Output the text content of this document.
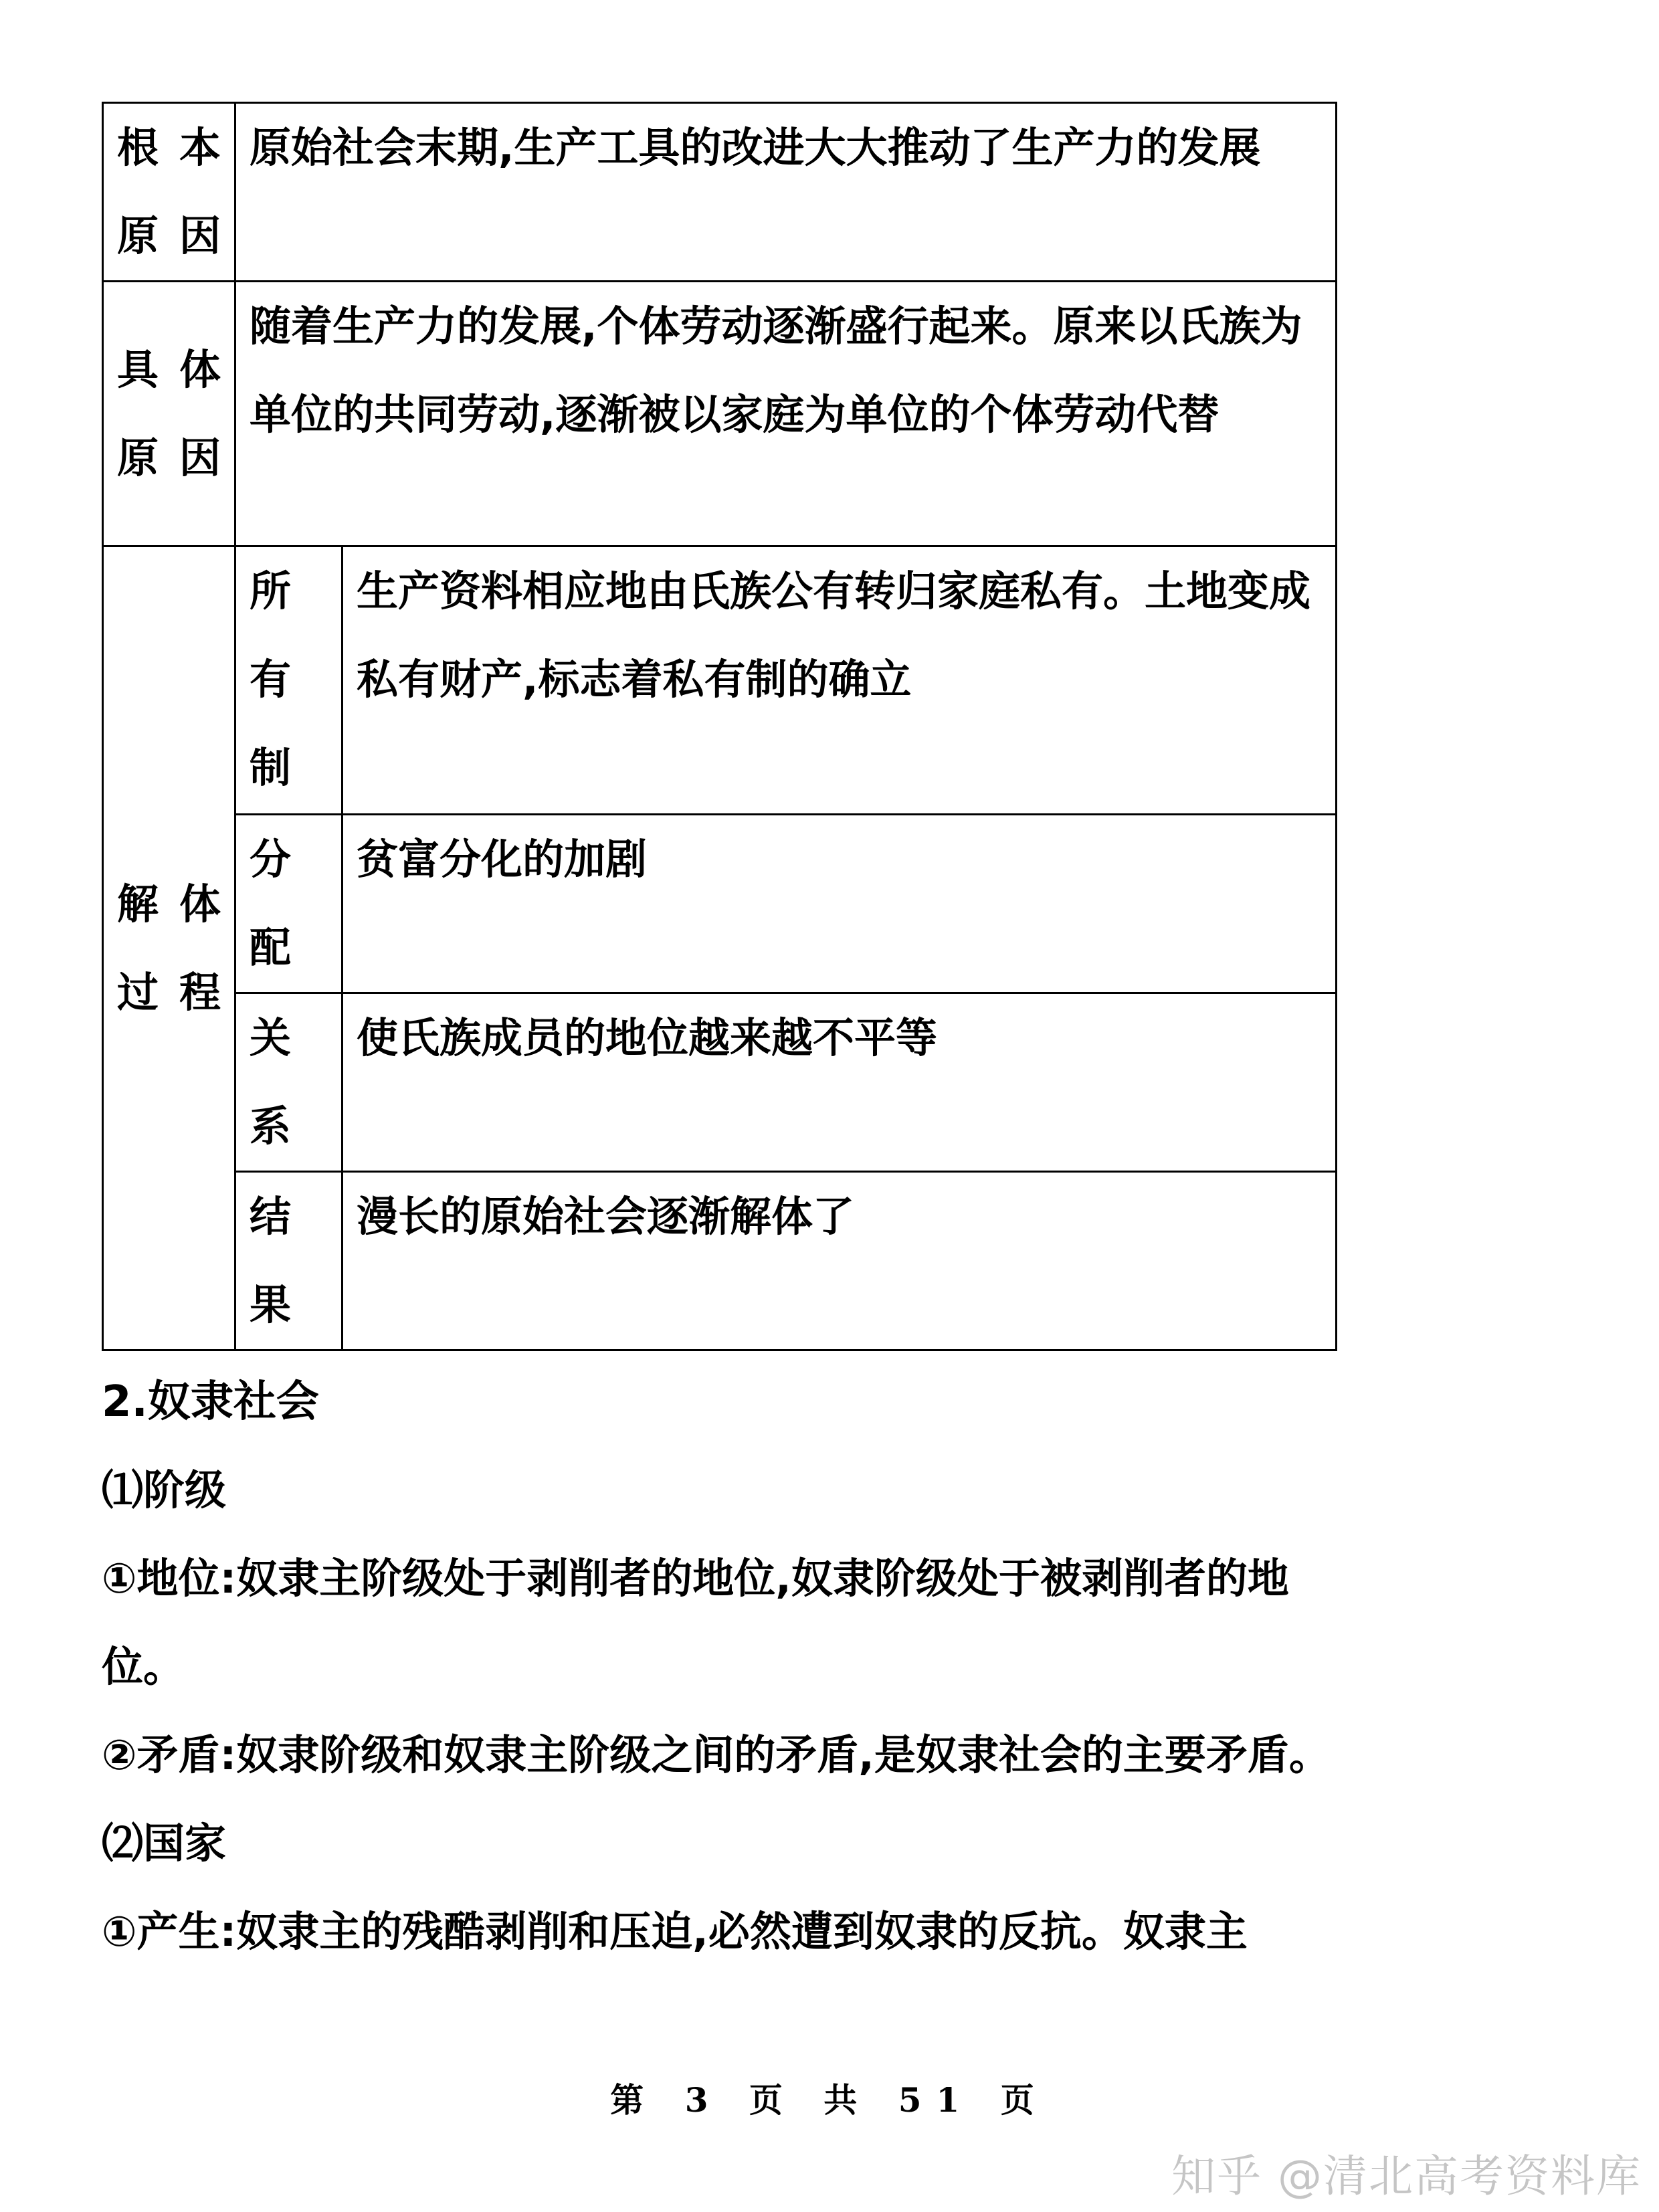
根 本
原因	原始社会末期,生产工具的改进大大推动了生产力的发展	

具 体
原因	随着生产力的发展,个体劳动逐渐盛行起来。原来以氏族为单位的共同劳动,逐渐被以家庭为单位的个体劳动代替	

解 体
过程	所
有
制	生产资料相应地由氏族公有转归家庭私有。土地变成私有财产,标志着私有制的确立

	分
配	贫富分化的加剧

	关
系	使氏族成员的地位越来越不平等

	结
果	漫长的原始社会逐渐解体了

2.奴隶社会

⑴阶级

①地位:奴隶主阶级处于剥削者的地位,奴隶阶级处于被剥削者的地位。

②矛盾:奴隶阶级和奴隶主阶级之间的矛盾,是奴隶社会的主要矛盾。

⑵国家

①产生:奴隶主的残酷剥削和压迫,必然遭到奴隶的反抗。奴隶主

第 3 页 共 51 页
知乎 @清北高考资料库
